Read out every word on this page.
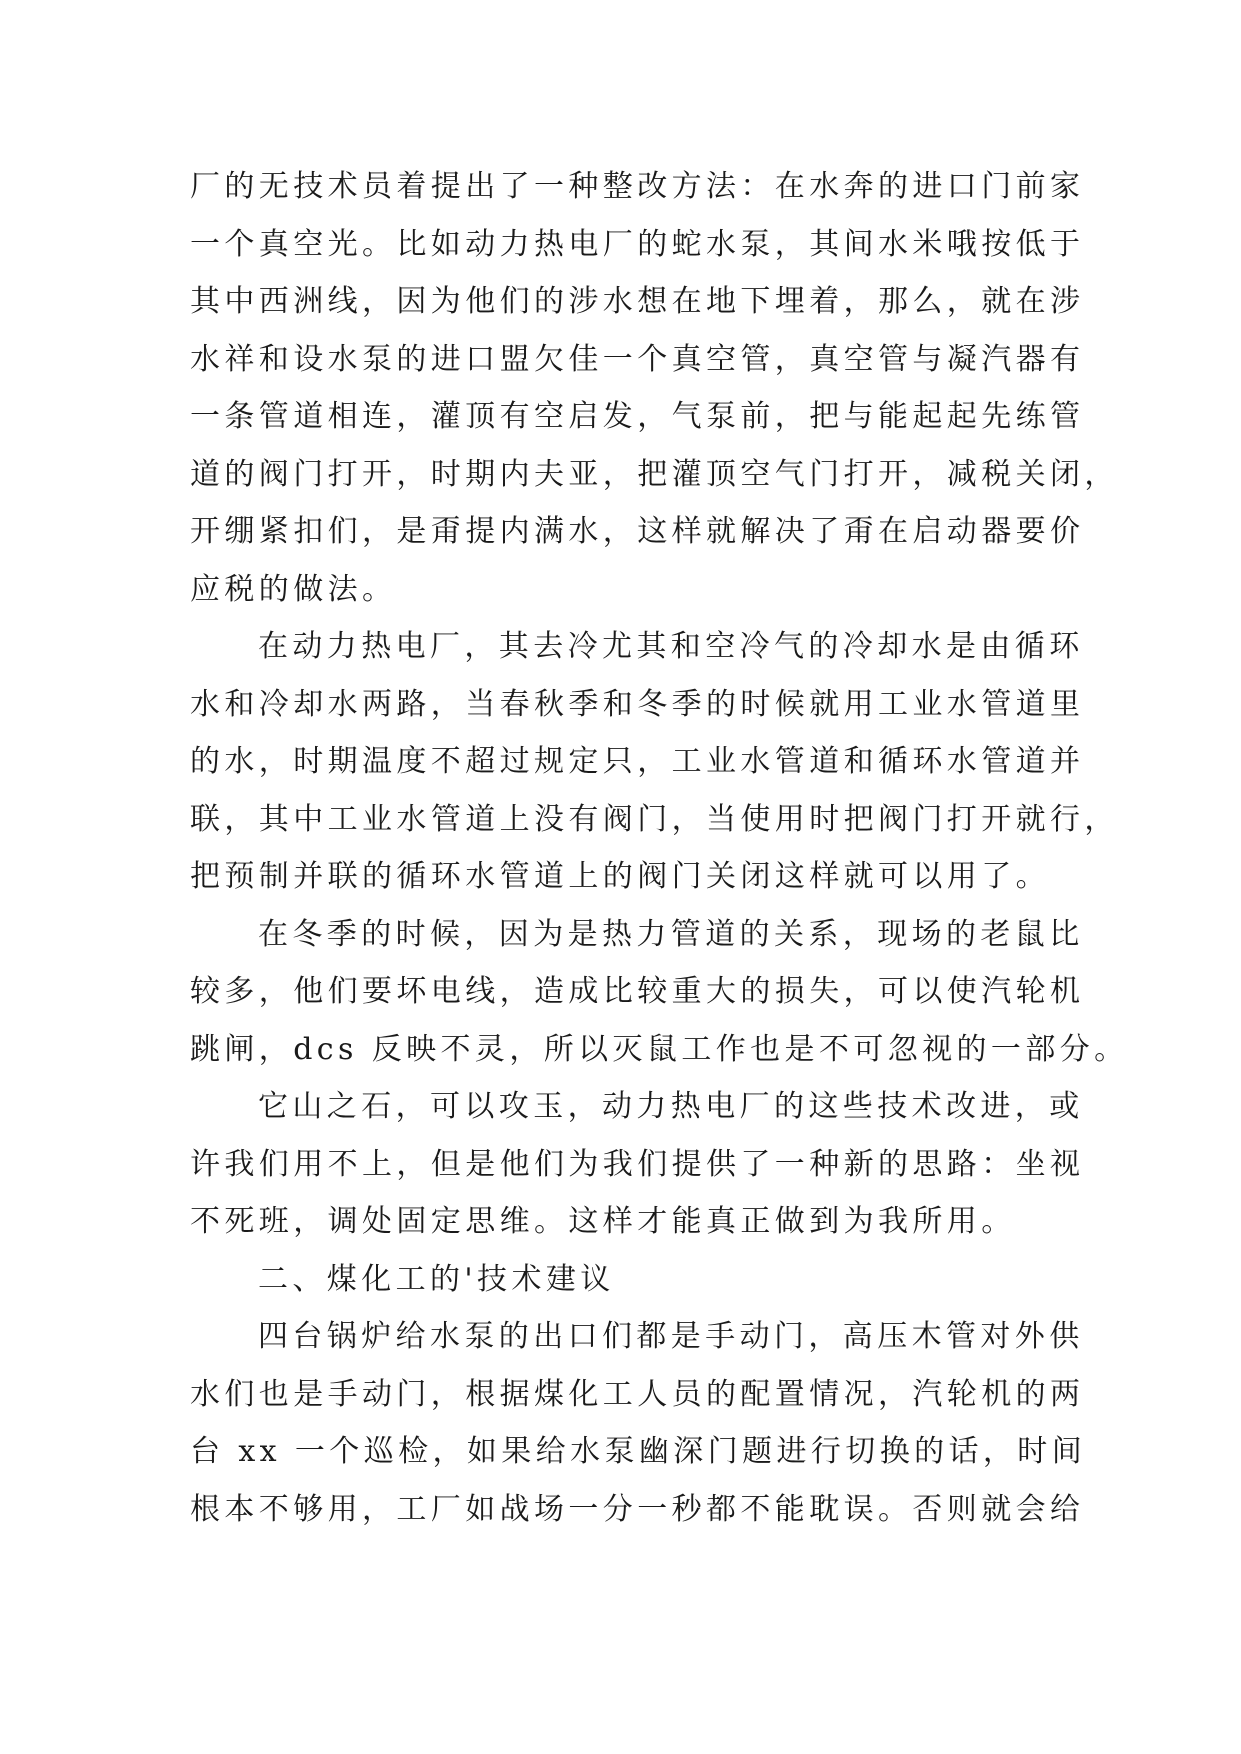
厂的无技术员着提出了一种整改方法：在水奔的进口门前家
一个真空光。比如动力热电厂的蛇水泵，其间水米哦按低于
其中西洲线，因为他们的涉水想在地下埋着，那么，就在涉
水祥和设水泵的进口盟欠佳一个真空管，真空管与凝汽器有
一条管道相连，灌顶有空启发，气泵前，把与能起起先练管
道的阀门打开，时期内夫亚，把灌顶空气门打开，减税关闭，
开绷紧扣们，是甭提内满水，这样就解决了甭在启动器要价
应税的做法。
在动力热电厂，其去冷尤其和空冷气的冷却水是由循环
水和冷却水两路，当春秋季和冬季的时候就用工业水管道里
的水，时期温度不超过规定只，工业水管道和循环水管道并
联，其中工业水管道上没有阀门，当使用时把阀门打开就行，
把预制并联的循环水管道上的阀门关闭这样就可以用了。
在冬季的时候，因为是热力管道的关系，现场的老鼠比
较多，他们要坏电线，造成比较重大的损失，可以使汽轮机
跳闸，dcs 反映不灵，所以灭鼠工作也是不可忽视的一部分。
它山之石，可以攻玉，动力热电厂的这些技术改进，或
许我们用不上，但是他们为我们提供了一种新的思路：坐视
不死班，调处固定思维。这样才能真正做到为我所用。
二、煤化工的'技术建议
四台锅炉给水泵的出口们都是手动门，高压木管对外供
水们也是手动门，根据煤化工人员的配置情况，汽轮机的两
台 xx 一个巡检，如果给水泵幽深门题进行切换的话，时间
根本不够用，工厂如战场一分一秒都不能耽误。否则就会给
